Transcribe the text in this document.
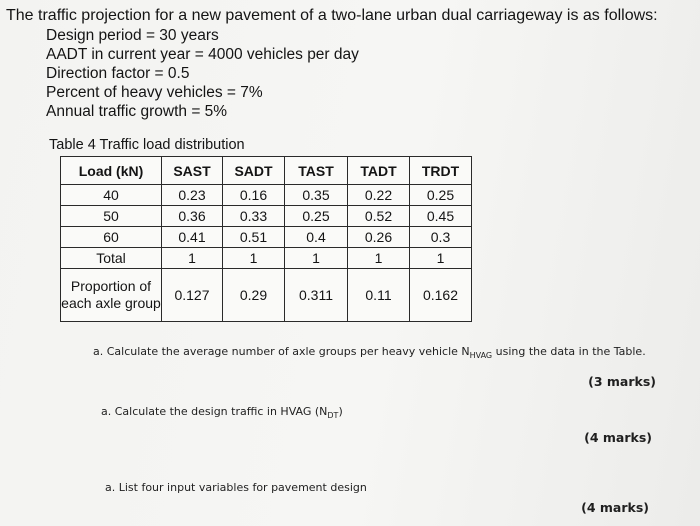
The traffic projection for a new pavement of a two-lane urban dual carriageway is as follows:
Design period = 30 years
AADT in current year = 4000 vehicles per day
Direction factor = 0.5
Percent of heavy vehicles = 7%
Annual traffic growth = 5%
Table 4 Traffic load distribution
Load (kN)	SAST	SADT	TAST	TADT	TRDT
40	0.23	0.16	0.35	0.22	0.25
50	0.36	0.33	0.25	0.52	0.45
60	0.41	0.51	0.4	0.26	0.3
Total	1	1	1	1	1
Proportion of each axle group	0.127	0.29	0.311	0.11	0.162
a. Calculate the average number of axle groups per heavy vehicle $N_{HVAG}$ using the data in the Table.
(3 marks)
a. Calculate the design traffic in HVAG $(N_{DT})$
(4 marks)
a. List four input variables for pavement design
(4 marks)
